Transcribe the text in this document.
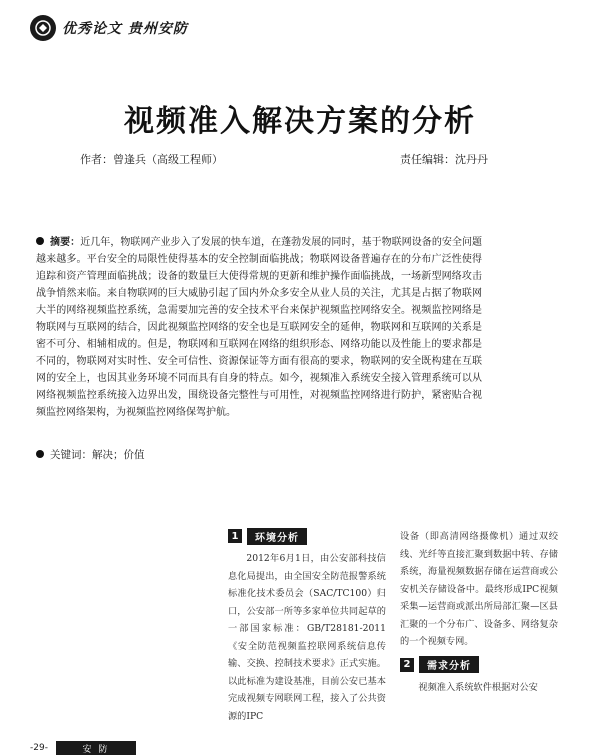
优秀论文 贵州安防
视频准入解决方案的分析
作者：曾逢兵（高级工程师）	责任编辑：沈丹丹
摘要：近几年，物联网产业步入了发展的快车道，在蓬勃发展的同时，基于物联网设备的安全问题越来越多。平台安全的局限性使得基本的安全控制面临挑战；物联网设备普遍存在的分布广泛性使得追踪和资产管理面临挑战；设备的数量巨大使得常规的更新和维护操作面临挑战，一场新型网络攻击战争悄然来临。来自物联网的巨大威胁引起了国内外众多安全从业人员的关注，尤其是占据了物联网大半的网络视频监控系统，急需要加完善的安全技术平台来保护视频监控网络安全。视频监控网络是物联网与互联网的结合，因此视频监控网络的安全也是互联网安全的延伸，物联网和互联网的关系是密不可分、相辅相成的。但是，物联网和互联网在网络的组织形态、网络功能以及性能上的要求都是不同的，物联网对实时性、安全可信性、资源保证等方面有很高的要求，物联网的安全既构建在互联网的安全上，也因其业务环境不同而具有自身的特点。如今，视频准入系统安全接入管理系统可以从网络视频监控系统接入边界出发，围绕设备完整性与可用性，对视频监控网络进行防护，紧密贴合视频监控网络架构，为视频监控网络保驾护航。
关键词：解决；价值
1	环境分析

2012年6月1日，由公安部科技信息化局提出，由全国安全防范报警系统标准化技术委员会（SAC/TC100）归口，公安部一所等多家单位共同起草的一部国家标准：GB/T28181-2011《安全防范视频监控联网系统信息传输、交换、控制技术要求》正式实施。以此标准为建设基准，目前公安已基本完成视频专网联网工程，接入了公共资源的IPC

设备（即高清网络摄像机）通过双绞线、光纤等直接汇聚到数据中转、存储系统，海量视频数据存储在运营商或公安机关存储设备中。最终形成IPC视频采集—运营商或派出所局部汇聚—区县汇聚的一个分布广、设备多、网络复杂的一个视频专网。

2	需求分析

视频准入系统软件根据对公安

-29-	安 防
